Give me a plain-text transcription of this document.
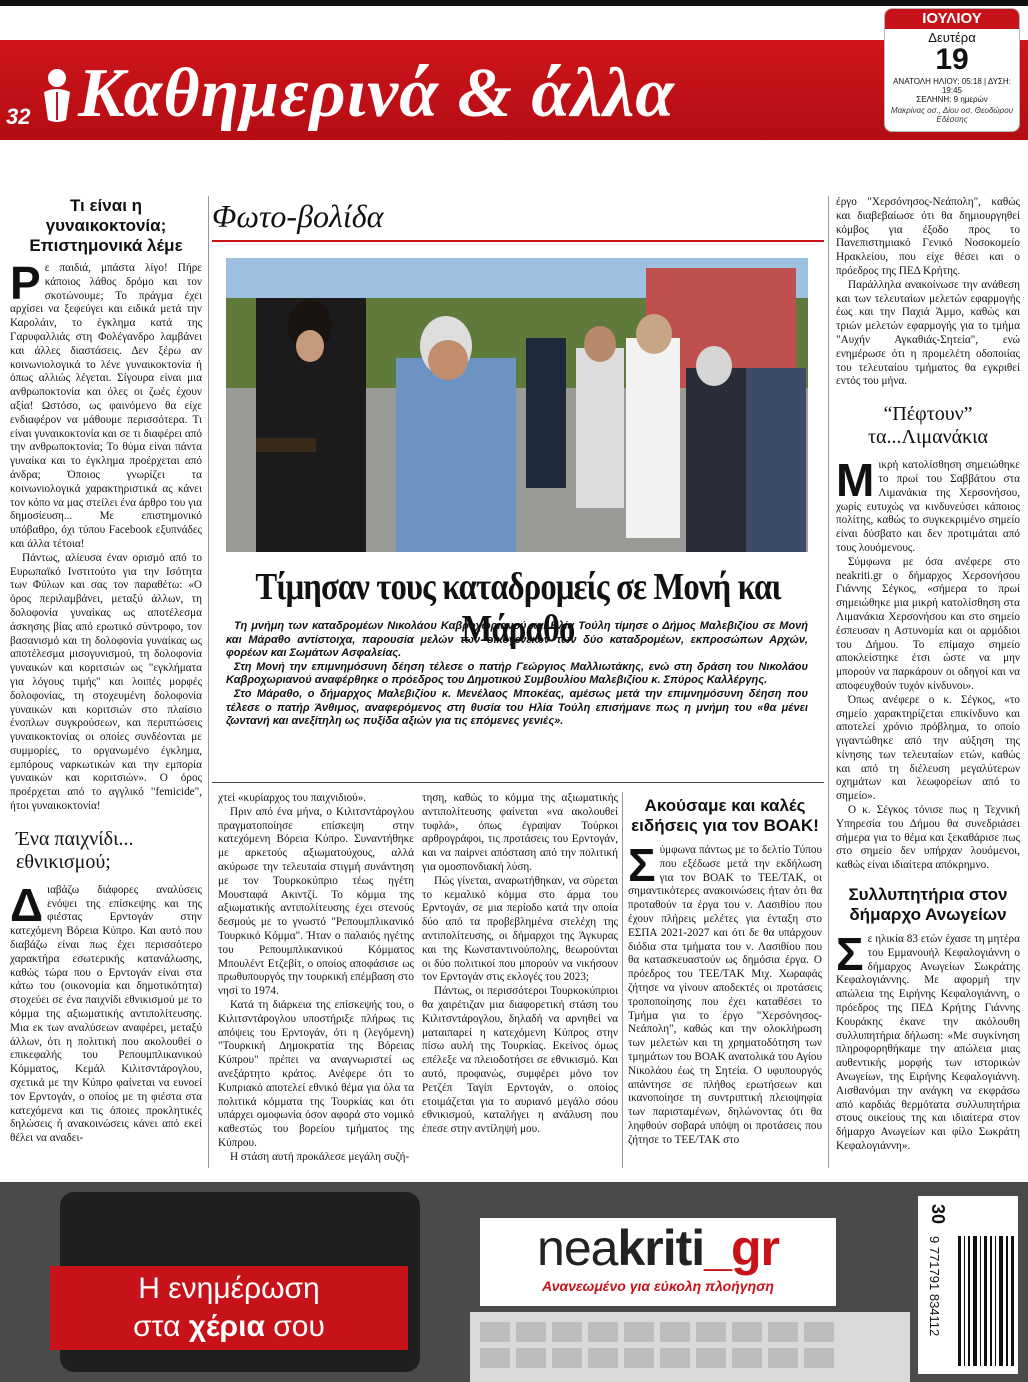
32 Καθημερινά & άλλα
ΙΟΥΛΙΟΥ
Δευτέρα
19
ΑΝΑΤΟΛΗ ΗΛΙΟΥ: 05:18 | ΔΥΣΗ: 19:45
ΣΕΛΗΝΗ: 9 ημερών
Μακρίνας οσ., Δίου οσ, Θεοδώρου Εδέσσης
Τι είναι η γυναικοκτονία; Επιστημονικά λέμε
Ρε παιδιά, μπάστα λίγο! Πήρε κάποιος λάθος δρόμο και τον σκοτώνουμε; Το πράγμα έχει αρχίσει να ξεφεύγει και ειδικά μετά την Καρολάιν, το έγκλημα κατά της Γαρυφαλλιάς στη Φολέγανδρο λαμβάνει και άλλες διαστάσεις. Δεν ξέρω αν κοινωνιολογικά το λένε γυναικοκτονία ή όπως αλλιώς λέγεται. Σίγουρα είναι μια ανθρωποκτονία και όλες οι ζωές έχουν αξία! Ωστόσο, ως φαινόμενο θα είχε ενδιαφέρον να μάθουμε περισσότερα. Τι είναι γυναικοκτονία και σε τι διαφέρει από την ανθρωποκτονία; Το θύμα είναι πάντα γυναίκα και το έγκλημα προέρχεται από άνδρα; Όποιος γνωρίζει τα κοινωνιολογικά χαρακτηριστικά ας κάνει τον κόπο να μας στείλει ένα άρθρο του για δημοσίευση... Με επιστημονικό υπόβαθρο, όχι τύπου Facebook εξυπνάδες και άλλα τέτοια!

Πάντως, αλίευσα έναν ορισμό από το Ευρωπαϊκό Ινστιτούτο για την Ισότητα των Φύλων και σας τον παραθέτω: «Ο όρος περιλαμβάνει, μεταξύ άλλων, τη δολοφονία γυναίκας ως αποτέλεσμα άσκησης βίας από ερωτικό σύντροφο, τον βασανισμό και τη δολοφονία γυναίκας ως αποτέλεσμα μισογυνισμού, τη δολοφονία γυναικών και κοριτσιών ως "εγκλήματα για λόγους τιμής" και λοιπές μορφές δολοφονίας, τη στοχευμένη δολοφονία γυναικών και κοριτσιών στο πλαίσιο ένοπλων συγκρούσεων, και περιπτώσεις γυναικοκτονίας οι οποίες συνδέονται με συμμορίες, το οργανωμένο έγκλημα, εμπόρους ναρκωτικών και την εμπορία γυναικών και κοριτσιών». Ο όρος προέρχεται από το αγγλικό "femicide", ήτοι γυναικοκτονία!

Ένα παιχνίδι... εθνικισμού;
Διαβάζω διάφορες αναλύσεις ενόψει της επίσκεψης και της φιέστας Ερντογάν στην κατεχόμενη Βόρεια Κύπρο. Και αυτό που διαβάζω είναι πως έχει περισσότερο χαρακτήρα εσωτερικής κατανάλωσης, καθώς τώρα που ο Ερντογάν είναι στα κάτω του (οικονομία και δημοτικότητα) στοχεύει σε ένα παιχνίδι εθνικισμού με το κόμμα της αξιωματικής αντιπολίτευσης. Μια εκ των αναλύσεων αναφέρει, μεταξύ άλλων, ότι η πολιτική που ακολουθεί ο επικεφαλής του Ρεπουμπλικανικού Κόμματος, Κεμάλ Κιλιτσντάρογλου, σχετικά με την Κύπρο φαίνεται να ευνοεί τον Ερντογάν, ο οποίος με τη φιέστα στα κατεχόμενα και τις όποιες προκλητικές δηλώσεις ή ανακοινώσεις κάνει από εκεί θέλει να αναδει-
Φωτο-βολίδα
Τίμησαν τους καταδρομείς σε Μονή και Μάραθο
Τη μνήμη των καταδρομέων Νικολάου Καβροχωριανού και Ηλία Τούλη τίμησε ο Δήμος Μαλεβιζίου σε Μονή και Μάραθο αντίστοιχα, παρουσία μελών των οικογενειών των δύο καταδρομέων, εκπροσώπων Αρχών, φορέων και Σωμάτων Ασφαλείας.
Στη Μονή την επιμνημόσυνη δέηση τέλεσε ο πατήρ Γεώργιος Μαλλιωτάκης, ενώ στη δράση του Νικολάου Καβροχωριανού αναφέρθηκε ο πρόεδρος του Δημοτικού Συμβουλίου Μαλεβιζίου κ. Σπύρος Καλλέργης.
Στο Μάραθο, ο δήμαρχος Μαλεβιζίου κ. Μενέλαος Μποκέας, αμέσως μετά την επιμνημόσυνη δέηση που τέλεσε ο πατήρ Άνθιμος, αναφερόμενος στη θυσία του Ηλία Τούλη επισήμανε πως η μνήμη του «θα μένει ζωντανή και ανεξίτηλη ως πυξίδα αξιών για τις επόμενες γενιές».
χτεί «κυρίαρχος του παιχνιδιού».

Πριν από ένα μήνα, ο Κιλιτσντάρογλου πραγματοποίησε επίσκεψη στην κατεχόμενη Βόρεια Κύπρο. Συναντήθηκε με αρκετούς αξιωματούχους, αλλά ακύρωσε την τελευταία στιγμή συνάντηση με τον Τουρκοκύπριο τέως ηγέτη Μουσταφά Ακιντζί. Το κόμμα της αξιωματικής αντιπολίτευσης έχει στενούς δεσμούς με το γνωστό "Ρεπουμπλικανικό Τουρκικό Κόμμα". Ήταν ο παλαιός ηγέτης του Ρεπουμπλικανικού Κόμματος Μπουλέντ Ετζεβίτ, ο οποίος αποφάσισε ως πρωθυπουργός την τουρκική επέμβαση στο νησί το 1974.

Κατά τη διάρκεια της επίσκεψής του, ο Κιλιτσντάρογλου υποστήριξε πλήρως τις απόψεις του Ερντογάν, ότι η (λεγόμενη) "Τουρκική Δημοκρατία της Βόρειας Κύπρου" πρέπει να αναγνωριστεί ως ανεξάρτητο κράτος. Ανέφερε ότι το Κυπριακό αποτελεί εθνικό θέμα για όλα τα πολιτικά κόμματα της Τουρκίας και ότι υπάρχει ομοφωνία όσον αφορά στο νομικό καθεστώς του βορείου τμήματος της Κύπρου.

Η στάση αυτή προκάλεσε μεγάλη συζή-

τηση, καθώς το κόμμα της αξιωματικής αντιπολίτευσης φαίνεται «να ακολουθεί τυφλά», όπως έγραψαν Τούρκοι αρθρογράφοι, τις προτάσεις του Ερντογάν, και να παίρνει απόσταση από την πολιτική για ομοσπονδιακή λύση.

Πώς γίνεται, αναρωτήθηκαν, να σύρεται το κεμαλικό κόμμα στο άρμα του Ερντογάν, σε μια περίοδο κατά την οποία δύο από τα προβεβλημένα στελέχη της αντιπολίτευσης, οι δήμαρχοι της Άγκυρας και της Κωνσταντινούπολης, θεωρούνται οι δύο πολιτικοί που μπορούν να νικήσουν τον Ερντογάν στις εκλογές του 2023;

Πάντως, οι περισσότεροι Τουρκοκύπριοι θα χαιρέτιζαν μια διαφορετική στάση του Κιλιτσντάρογλου, δηλαδή να αρνηθεί να ματαιπαρεί η κατεχόμενη Κύπρος στην πίσω αυλή της Τουρκίας. Εκείνος όμως επέλεξε να πλειοδοτήσει σε εθνικισμό. Και αυτό, προφανώς, συμφέρει μόνο τον Ρετζέπ Ταγίπ Ερντογάν, ο οποίος ετοιμάζεται για το αυριανό μεγάλο σόου εθνικισμού, καταλήγει η ανάλυση που έπεσε στην αντίληψή μου.

Ακούσαμε και καλές ειδήσεις για τον ΒΟΑΚ!
Σύμφωνα πάντως με το δελτίο Τύπου που εξέδωσε μετά την εκδήλωση για τον ΒΟΑΚ το ΤΕΕ/ΤΑΚ, οι σημαντικότερες ανακοινώσεις ήταν ότι θα προταθούν τα έργα του ν. Λασιθίου που έχουν πλήρεις μελέτες για ένταξη στο ΕΣΠΑ 2021-2027 και ότι δε θα υπάρχουν διόδια στα τμήματα του ν. Λασιθίου που θα κατασκευαστούν ως δημόσια έργα. Ο πρόεδρος του ΤΕΕ/ΤΑΚ Μιχ. Χωραφάς ζήτησε να γίνουν αποδεκτές οι προτάσεις τροποποίησης που έχει καταθέσει το Τμήμα για το έργο "Χερσόνησος-Νεάπολη", καθώς και την ολοκλήρωση των μελετών και τη χρηματοδότηση των τμημάτων του ΒΟΑΚ ανατολικά του Αγίου Νικολάου έως τη Σητεία. Ο υφυπουργός απάντησε σε πλήθος ερωτήσεων και ικανοποίησε τη συντριπτική πλειοψηφία των παρισταμένων, δηλώνοντας ότι θα ληφθούν σοβαρά υπόψη οι προτάσεις που ζήτησε το ΤΕΕ/ΤΑΚ στο
έργο "Χερσόνησος-Νεάπολη", καθώς και διαβεβαίωσε ότι θα δημιουργηθεί κόμβος για έξοδο προς το Πανεπιστημιακό Γενικό Νοσοκομείο Ηρακλείου, που είχε θέσει και ο πρόεδρος της ΠΕΔ Κρήτης.

Παράλληλα ανακοίνωσε την ανάθεση και των τελευταίων μελετών εφαρμογής έως και την Παχιά Άμμο, καθώς και τριών μελετών εφαρμογής για το τμήμα "Αυχήν Αγκαθιάς-Σητεία", ενώ ενημέρωσε ότι η προμελέτη οδοποιίας του τελευταίου τμήματος θα εγκριθεί εντός του μήνα.

“Πέφτουν” τα...Λιμανάκια
Μικρή κατολίσθηση σημειώθηκε το πρωί του Σαββάτου στα Λιμανάκια της Χερσονήσου, χωρίς ευτυχώς να κινδυνεύσει κάποιος πολίτης, καθώς το συγκεκριμένο σημείο είναι δύσβατο και δεν προτιμάται από τους λουόμενους.

Σύμφωνα με όσα ανέφερε στο neakriti.gr ο δήμαρχος Χερσονήσου Γιάννης Σέγκος, «σήμερα το πρωί σημειώθηκε μια μικρή κατολίσθηση στα Λιμανάκια Χερσονήσου και στο σημείο έσπευσαν η Αστυνομία και οι αρμόδιοι του Δήμου. Το επίμαχο σημείο αποκλείστηκε έτσι ώστε να μην μπορούν να παρκάρουν οι οδηγοί και να αποφευχθούν τυχόν κίνδυνοι».

Όπως ανέφερε ο κ. Σέγκος, «το σημείο χαρακτηρίζεται επικίνδυνο και αποτελεί χρόνιο πρόβλημα, το οποίο γιγαντώθηκε από την αύξηση της κίνησης των τελευταίων ετών, καθώς και από τη διέλευση μεγαλύτερων οχημάτων και λεωφορείων από το σημείο».

Ο κ. Σέγκος τόνισε πως η Τεχνική Υπηρεσία του Δήμου θα συνεδριάσει σήμερα για το θέμα και ξεκαθάρισε πως στο σημείο δεν υπήρχαν λουόμενοι, καθώς είναι ιδιαίτερα απόκρημνο.

Συλλυπητήρια στον δήμαρχο Ανωγείων
Σε ηλικία 83 ετών έχασε τη μητέρα του Εμμανουήλ Κεφαλογιάννη ο δήμαρχος Ανωγείων Σωκράτης Κεφαλογιάννης. Με αφορμή την απώλεια της Ειρήνης Κεφαλογιάννη, ο πρόεδρος της ΠΕΔ Κρήτης Γιάννης Κουράκης έκανε την ακόλουθη συλλυπητήρια δήλωση: «Με συγκίνηση πληροφορηθήκαμε την απώλεια μιας αυθεντικής μορφής των ιστορικών Ανωγείων, της Ειρήνης Κεφαλογιάννη. Αισθανόμαι την ανάγκη να εκφράσω από καρδιάς θερμότατα συλλυπητήρια στους οικείους της και ιδιαίτερα στον δήμαρχο Ανωγείων και φίλο Σωκράτη Κεφαλογιάννη».
Η ενημέρωση
στα χέρια σου
neakriti_gr
Ανανεωμένο για εύκολη πλοήγηση
30
9 771791 834112
